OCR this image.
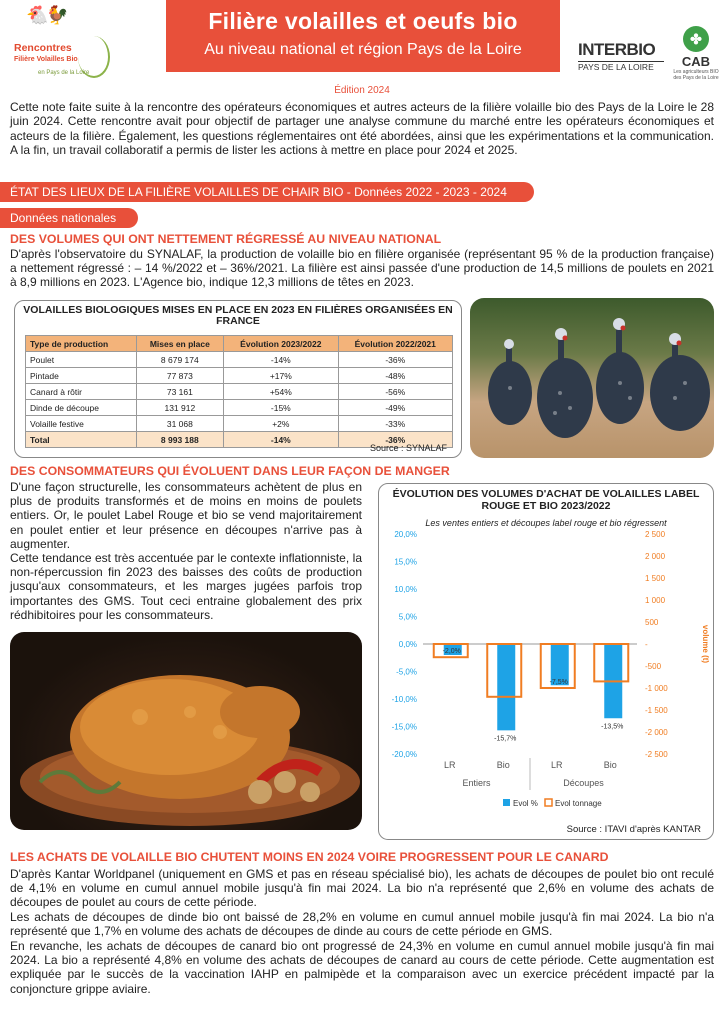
🐔🐓
Rencontres
Filière Volailles Bio
en Pays de la Loire
Filière volailles et oeufs bio
Au niveau national et région Pays de la Loire	INTERBIO
PAYS DE LA LOIRE
✤
CAB
Les agriculteurs BIO des Pays de la Loire
Édition 2024
Cette note faite suite à la rencontre des opérateurs économiques et autres acteurs de la filière volaille bio des Pays de la Loire le 28 juin 2024. Cette rencontre avait pour objectif de partager une analyse commune du marché entre les opérateurs économiques et acteurs de la filière. Également, les questions réglementaires ont été abordées, ainsi que les expérimentations et la communication. A la fin, un travail collaboratif a permis de lister les actions à mettre en place pour 2024 et 2025.
ÉTAT DES LIEUX DE LA FILIÈRE VOLAILLES DE CHAIR BIO - Données 2022 - 2023 - 2024
Données nationales
DES VOLUMES QUI ONT NETTEMENT RÉGRESSÉ AU NIVEAU NATIONAL
D'après l'observatoire du SYNALAF, la production de volaille bio en filière organisée (représentant 95 % de la production française) a nettement régressé : – 14 %/2022 et – 36%/2021. La filière est ainsi passée d'une production de 14,5 millions de poulets en 2021 à 8,9 millions en 2023. L'Agence bio, indique 12,3 millions de têtes en 2023.
VOLAILLES BIOLOGIQUES MISES EN PLACE EN 2023 EN FILIÈRES ORGANISÉES EN FRANCE
Type de production	Mises en place	Évolution 2023/2022	Évolution 2022/2021
Poulet	8 679 174	-14%	-36%
Pintade	77 873	+17%	-48%
Canard à rôtir	73 161	+54%	-56%
Dinde de découpe	131 912	-15%	-49%
Volaille festive	31 068	+2%	-33%
Total	8 993 188	-14%	-36%
Source : SYNALAF
DES CONSOMMATEURS QUI ÉVOLUENT DANS LEUR FAÇON DE MANGER
D'une façon structurelle, les consommateurs achètent de plus en plus de produits transformés et de moins en moins de poulets entiers. Or, le poulet Label Rouge et bio se vend majoritairement en poulet entier et leur présence en découpes n'arrive pas à augmenter.
Cette tendance est très accentuée par le contexte inflationniste, la non-répercussion fin 2023 des baisses des coûts de production jusqu'aux consommateurs, et les marges jugées parfois trop importantes des GMS. Tout ceci entraine globalement des prix rédhibitoires pour les consommateurs.
ÉVOLUTION DES VOLUMES D'ACHAT DE VOLAILLES LABEL ROUGE ET BIO 2023/2022
Les ventes entiers et découpes label rouge et bio régressent
20,0%
15,0%
10,0%
5,0%
0,0%
-5,0%
-10,0%
-15,0%
-20,0%
2 500
2 000
1 500
1 000
500
-
-500
-1 000
-1 500
-2 000
-2 500
volume (t)
-2,0%
LR
-15,7%
Bio
-7,5%
LR
-13,5%
Bio
Entiers	Découpes
Evol % Evol tonnage
Source : ITAVI d'après KANTAR
LES ACHATS DE VOLAILLE BIO CHUTENT MOINS EN 2024 VOIRE PROGRESSENT POUR LE CANARD
D'après Kantar Worldpanel (uniquement en GMS et pas en réseau spécialisé bio), les achats de découpes de poulet bio ont reculé de 4,1% en volume en cumul annuel mobile jusqu'à fin mai 2024. La bio n'a représenté que 2,6% en volume des achats de découpes de poulet au cours de cette période.
Les achats de découpes de dinde bio ont baissé de 28,2% en volume en cumul annuel mobile jusqu'à fin mai 2024. La bio n'a représenté que 1,7% en volume des achats de découpes de dinde au cours de cette période en GMS.
En revanche, les achats de découpes de canard bio ont progressé de 24,3% en volume en cumul annuel mobile jusqu'à fin mai 2024. La bio a représenté 4,8% en volume des achats de découpes de canard au cours de cette période. Cette augmentation est expliquée par le succès de la vaccination IAHP en palmipède et la comparaison avec un exercice précédent impacté par la conjoncture grippe aviaire.
